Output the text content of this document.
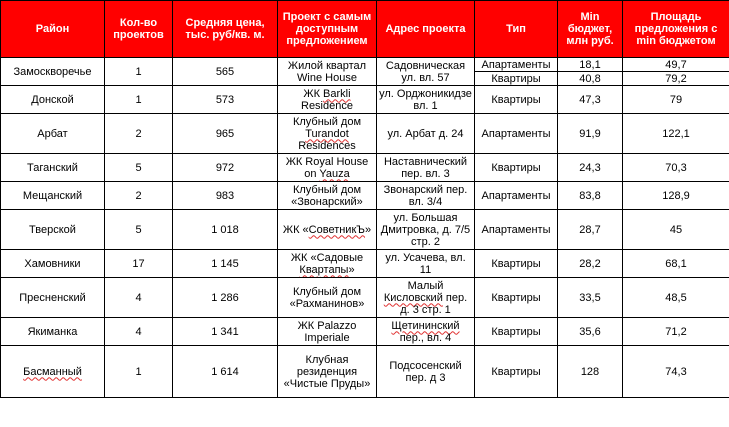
Район	Кол-во проектов	Средняя цена, тыс. руб/кв. м.	Проект с самым доступным предложением	Адрес проекта	Тип	Min бюджет, млн руб.	Площадь предложения с min бюджетом
Замоскворечье	1	565	Жилой квартал Wine House	Садовническая ул. вл. 57	Апартаменты	18,1	49,7
					Квартиры	40,8	79,2
Донской	1	573	ЖК Barkli Residence	ул. Орджоникидзе вл. 1	Квартиры	47,3	79
Арбат	2	965	Клубный дом Turandot Residences	ул. Арбат д. 24	Апартаменты	91,9	122,1
Таганский	5	972	ЖК Royal House on Yauza	Наставнический пер. вл. 3	Квартиры	24,3	70,3
Мещанский	2	983	Клубный дом «Звонарский»	Звонарский пер. вл. 3/4	Апартаменты	83,8	128,9
Тверской	5	1 018	ЖК «СоветникЪ»	ул. Большая Дмитровка, д. 7/5 стр. 2	Апартаменты	28,7	45
Хамовники	17	1 145	ЖК «Садовые Квартапы»	ул. Усачева, вл. 11	Квартиры	28,2	68,1
Пресненский	4	1 286	Клубный дом «Рахманинов»	Малый Кисловский пер. д. 3 стр. 1	Квартиры	33,5	48,5
Якиманка	4	1 341	ЖК Palazzo Imperiale	Щетининский пер., вл. 4	Квартиры	35,6	71,2
Басманный	1	1 614	Клубная резиденция «Чистые Пруды»	Подсосенский пер. д 3	Квартиры	128	74,3
